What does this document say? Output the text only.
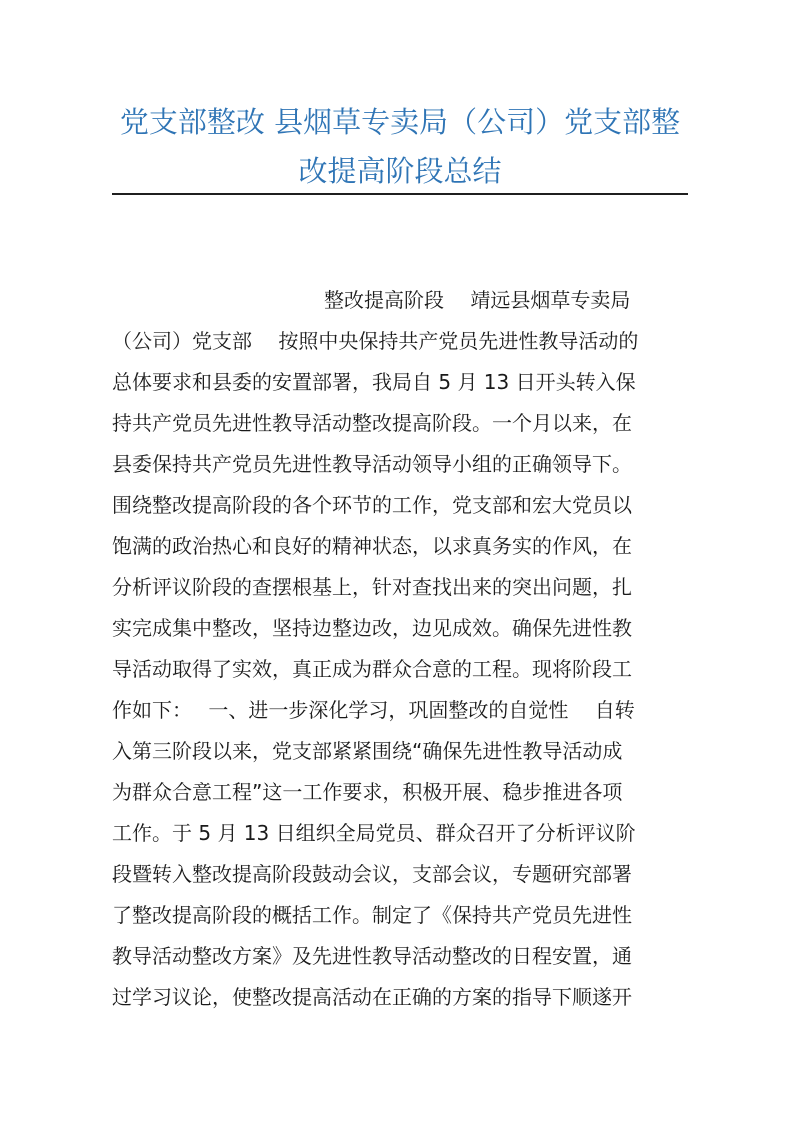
党支部整改 县烟草专卖局（公司）党支部整
改提高阶段总结
整改提高阶段　 靖远县烟草专卖局
（公司）党支部　 按照中央保持共产党员先进性教导活动的
总体要求和县委的安置部署，我局自 5 月 13 日开头转入保
持共产党员先进性教导活动整改提高阶段。一个月以来，在
县委保持共产党员先进性教导活动领导小组的正确领导下。
围绕整改提高阶段的各个环节的工作，党支部和宏大党员以
饱满的政治热心和良好的精神状态，以求真务实的作风，在
分析评议阶段的查摆根基上，针对查找出来的突出问题，扎
实完成集中整改，坚持边整边改，边见成效。确保先进性教
导活动取得了实效，真正成为群众合意的工程。现将阶段工
作如下：　 一、进一步深化学习，巩固整改的自觉性　 自转
入第三阶段以来，党支部紧紧围绕“确保先进性教导活动成
为群众合意工程”这一工作要求，积极开展、稳步推进各项
工作。于 5 月 13 日组织全局党员、群众召开了分析评议阶
段暨转入整改提高阶段鼓动会议，支部会议，专题研究部署
了整改提高阶段的概括工作。制定了《保持共产党员先进性
教导活动整改方案》及先进性教导活动整改的日程安置，通
过学习议论，使整改提高活动在正确的方案的指导下顺遂开
